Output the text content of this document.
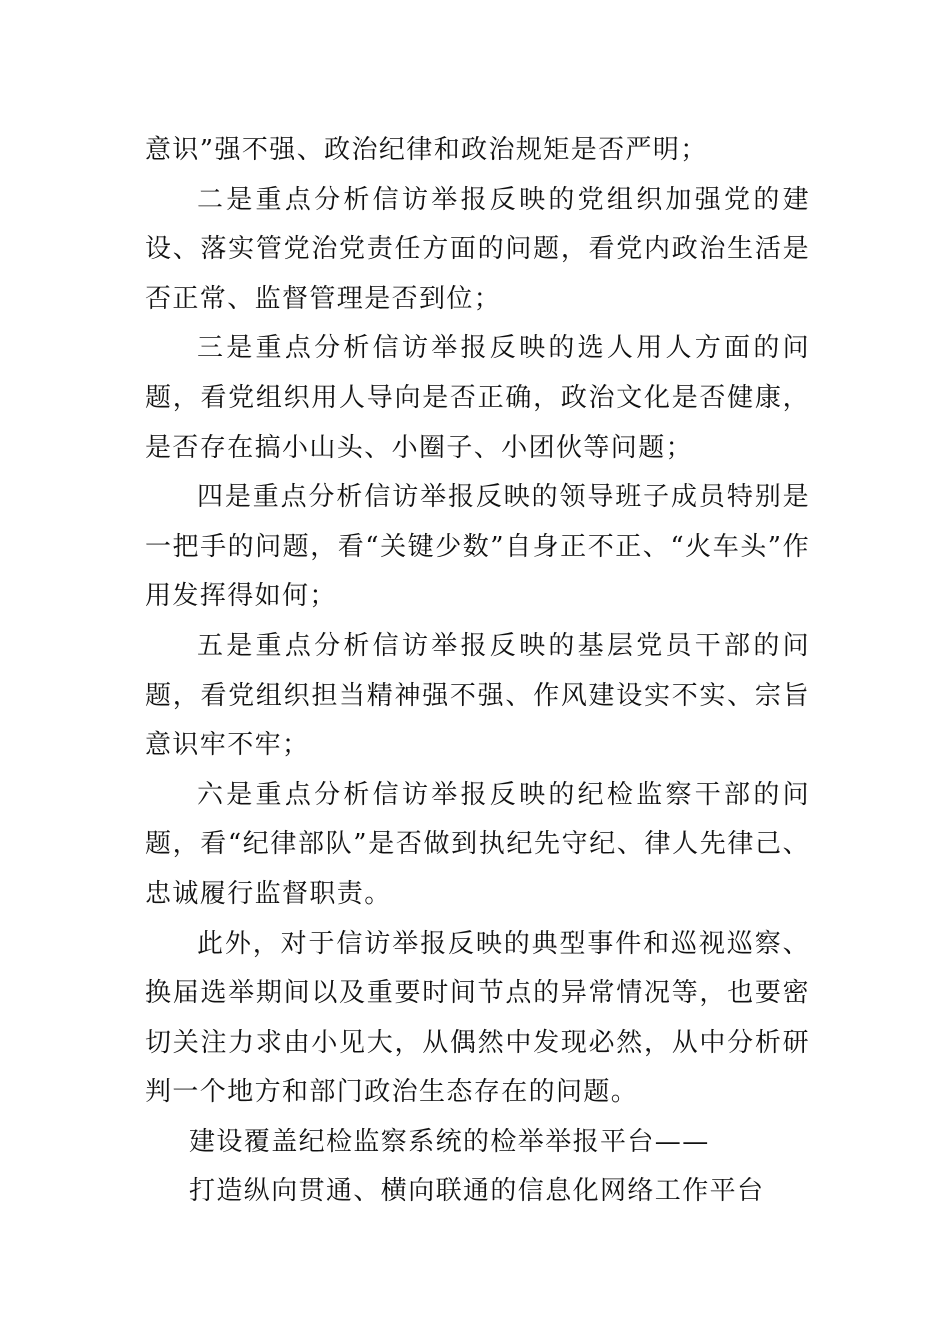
意识”强不强、政治纪律和政治规矩是否严明；

二是重点分析信访举报反映的党组织加强党的建设、落实管党治党责任方面的问题，看党内政治生活是否正常、监督管理是否到位；

三是重点分析信访举报反映的选人用人方面的问题，看党组织用人导向是否正确，政治文化是否健康，是否存在搞小山头、小圈子、小团伙等问题；

四是重点分析信访举报反映的领导班子成员特别是一把手的问题，看“关键少数”自身正不正、“火车头”作用发挥得如何；

五是重点分析信访举报反映的基层党员干部的问题，看党组织担当精神强不强、作风建设实不实、宗旨意识牢不牢；

六是重点分析信访举报反映的纪检监察干部的问题，看“纪律部队”是否做到执纪先守纪、律人先律己、忠诚履行监督职责。

此外，对于信访举报反映的典型事件和巡视巡察、换届选举期间以及重要时间节点的异常情况等，也要密切关注力求由小见大，从偶然中发现必然，从中分析研判一个地方和部门政治生态存在的问题。

建设覆盖纪检监察系统的检举举报平台——

打造纵向贯通、横向联通的信息化网络工作平台
